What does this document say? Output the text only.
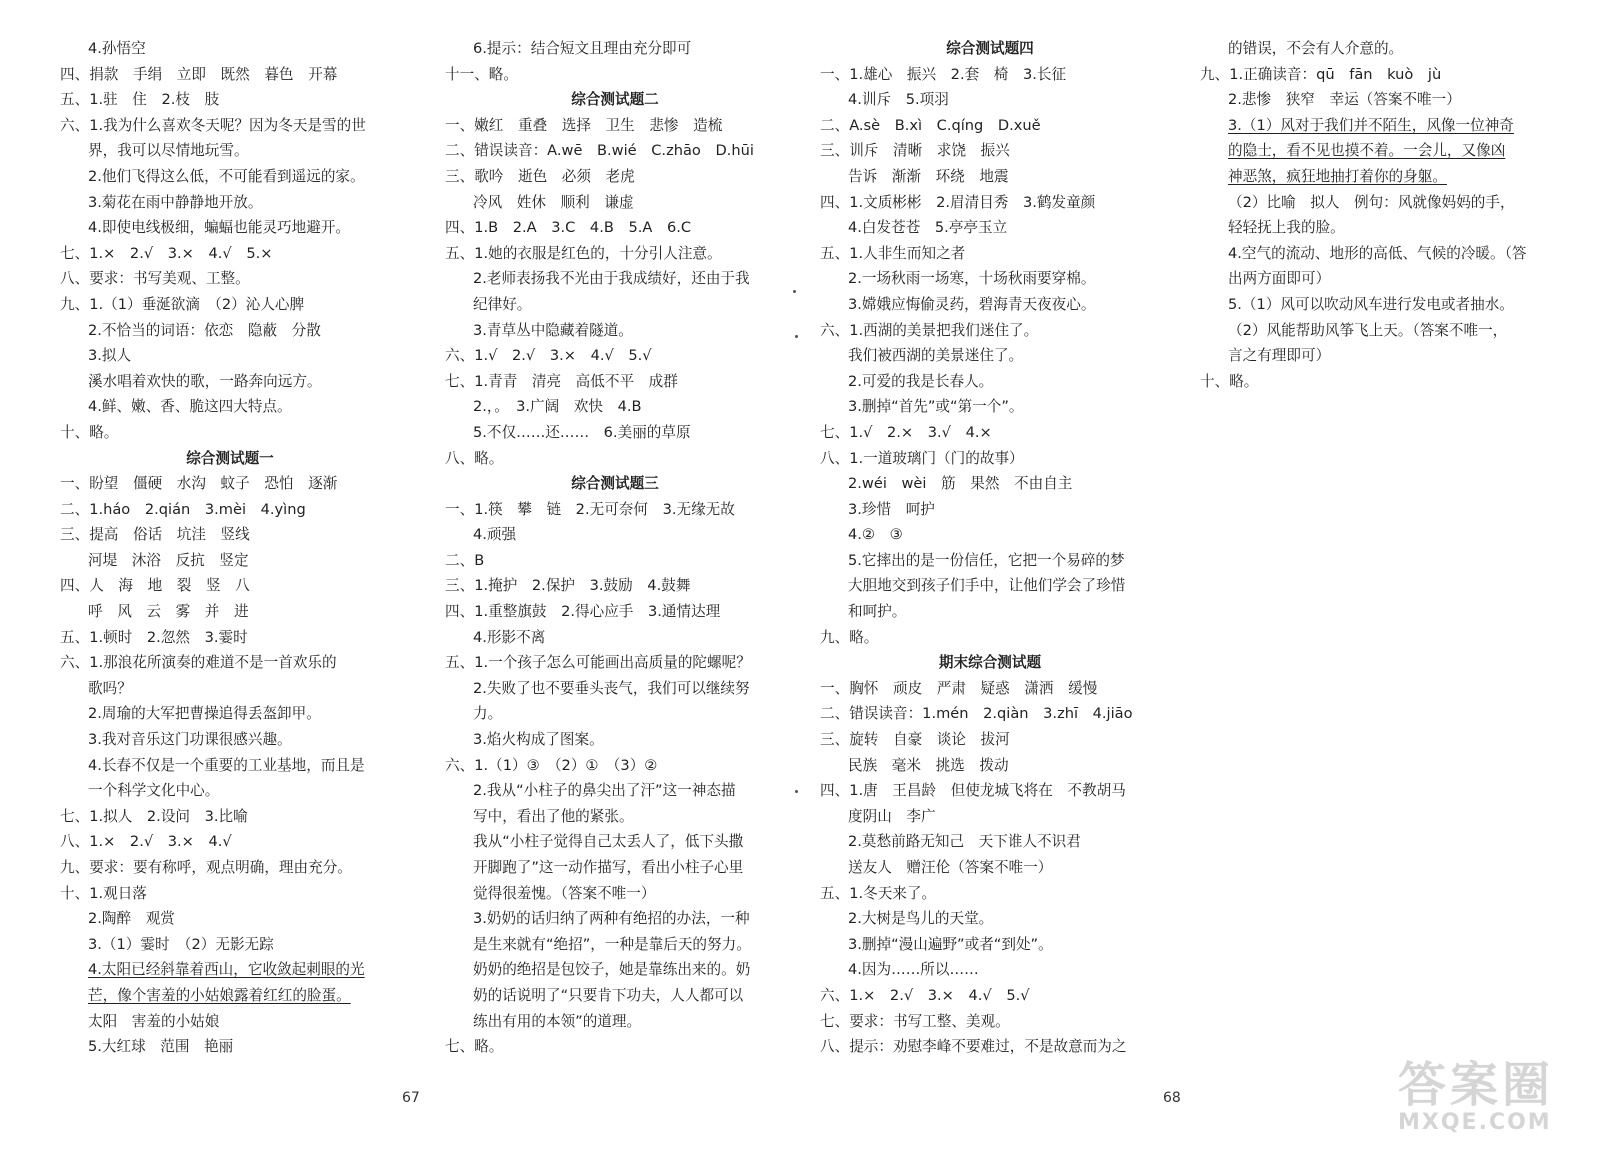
4.孙悟空
四、捐款　手绢　立即　既然　暮色　开幕
五、1.驻　住　2.枝　肢
六、1.我为什么喜欢冬天呢？因为冬天是雪的世
界，我可以尽情地玩雪。
2.他们飞得这么低，不可能看到遥远的家。
3.菊花在雨中静静地开放。
4.即使电线极细，蝙蝠也能灵巧地避开。
七、1.×　2.√　3.×　4.√　5.×
八、要求：书写美观、工整。
九、1.（1）垂涎欲滴　（2）沁人心脾
2.不恰当的词语：依恋　隐蔽　分散
3.拟人
溪水唱着欢快的歌，一路奔向远方。
4.鲜、嫩、香、脆这四大特点。
十、略。
综合测试题一
一、盼望　僵硬　水沟　蚊子　恐怕　逐渐
二、1.háo　2.qián　3.mèi　4.yìng
三、提高　俗话　坑洼　竖线
河堤　沐浴　反抗　竖定
四、人　海　地　裂　竖　八
呼　风　云　雾　并　进
五、1.顿时　2.忽然　3.霎时
六、1.那浪花所演奏的难道不是一首欢乐的
歌吗？
2.周瑜的大军把曹操追得丢盔卸甲。
3.我对音乐这门功课很感兴趣。
4.长春不仅是一个重要的工业基地，而且是
一个科学文化中心。
七、1.拟人　2.设问　3.比喻
八、1.×　2.√　3.×　4.√
九、要求：要有称呼，观点明确，理由充分。
十、1.观日落
2.陶醉　观赏
3.（1）霎时　（2）无影无踪
4.太阳已经斜靠着西山，它收敛起刺眼的光
芒，像个害羞的小姑娘露着红红的脸蛋。
太阳　害羞的小姑娘
5.大红球　范围　艳丽
6.提示：结合短文且理由充分即可
十一、略。
综合测试题二
一、嫩红　重叠　选择　卫生　悲惨　造梳
二、错误读音：A.wē　B.wié　C.zhāo　D.hūi
三、歌吟　逝色　必须　老虎
冷风　姓休　顺利　谦虚
四、1.B　2.A　3.C　4.B　5.A　6.C
五、1.她的衣服是红色的，十分引人注意。
2.老师表扬我不光由于我成绩好，还由于我
纪律好。
3.青草丛中隐藏着隧道。
六、1.√　2.√　3.×　4.√　5.√
七、1.青青　清亮　高低不平　成群
2.，。　3.广阔　欢快　4.B
5.不仅……还……　6.美丽的草原
八、略。
综合测试题三
一、1.筷　攀　链　2.无可奈何　3.无缘无故
4.顽强
二、B
三、1.掩护　2.保护　3.鼓励　4.鼓舞
四、1.重整旗鼓　2.得心应手　3.通情达理
4.形影不离
五、1.一个孩子怎么可能画出高质量的陀螺呢？
2.失败了也不要垂头丧气，我们可以继续努
力。
3.焰火构成了图案。
六、1.（1）③　（2）①　（3）②
2.我从“小柱子的鼻尖出了汗”这一神态描
写中，看出了他的紧张。
我从“小柱子觉得自己太丢人了，低下头撒
开脚跑了”这一动作描写，看出小柱子心里
觉得很羞愧。（答案不唯一）
3.奶奶的话归纳了两种有绝招的办法，一种
是生来就有“绝招”，一种是靠后天的努力。
奶奶的绝招是包饺子，她是靠练出来的。奶
奶的话说明了“只要肯下功夫，人人都可以
练出有用的本领”的道理。
七、略。
综合测试题四
一、1.雄心　振兴　2.套　椅　3.长征
4.训斥　5.项羽
二、A.sè　B.xì　C.qíng　D.xuě
三、训斥　清晰　求饶　振兴
告诉　渐渐　环绕　地震
四、1.文质彬彬　2.眉清目秀　3.鹤发童颜
4.白发苍苍　5.亭亭玉立
五、1.人非生而知之者
2.一场秋雨一场寒，十场秋雨要穿棉。
3.嫦娥应悔偷灵药，碧海青天夜夜心。
六、1.西湖的美景把我们迷住了。
我们被西湖的美景迷住了。
2.可爱的我是长春人。
3.删掉“首先”或“第一个”。
七、1.√　2.×　3.√　4.×
八、1.一道玻璃门（门的故事）
2.wéi　wèi　筋　果然　不由自主
3.珍惜　呵护
4.②　③
5.它摔出的是一份信任，它把一个易碎的梦
大胆地交到孩子们手中，让他们学会了珍惜
和呵护。
九、略。
期末综合测试题
一、胸怀　顽皮　严肃　疑惑　潇洒　缓慢
二、错误读音：1.mén　2.qiàn　3.zhī　4.jiāo
三、旋转　自豪　谈论　拔河
民族　毫米　挑选　拨动
四、1.唐　王昌龄　但使龙城飞将在　不教胡马
度阴山　李广
2.莫愁前路无知己　天下谁人不识君
送友人　赠汪伦（答案不唯一）
五、1.冬天来了。
2.大树是鸟儿的天堂。
3.删掉“漫山遍野”或者“到处”。
4.因为……所以……
六、1.×　2.√　3.×　4.√　5.√
七、要求：书写工整、美观。
八、提示：劝慰李峰不要难过，不是故意而为之
的错误，不会有人介意的。
九、1.正确读音：qū　fān　kuò　jù
2.悲惨　狭窄　幸运（答案不唯一）
3.（1）风对于我们并不陌生，风像一位神奇
的隐士，看不见也摸不着。一会儿，又像凶
神恶煞，疯狂地抽打着你的身躯。
（2）比喻　拟人　例句：风就像妈妈的手，
轻轻抚上我的脸。
4.空气的流动、地形的高低、气候的冷暖。（答
出两方面即可）
5.（1）风可以吹动风车进行发电或者抽水。
（2）风能帮助风筝飞上天。（答案不唯一，
言之有理即可）
十、略。
67	68	答案圈
MXQE.COM
